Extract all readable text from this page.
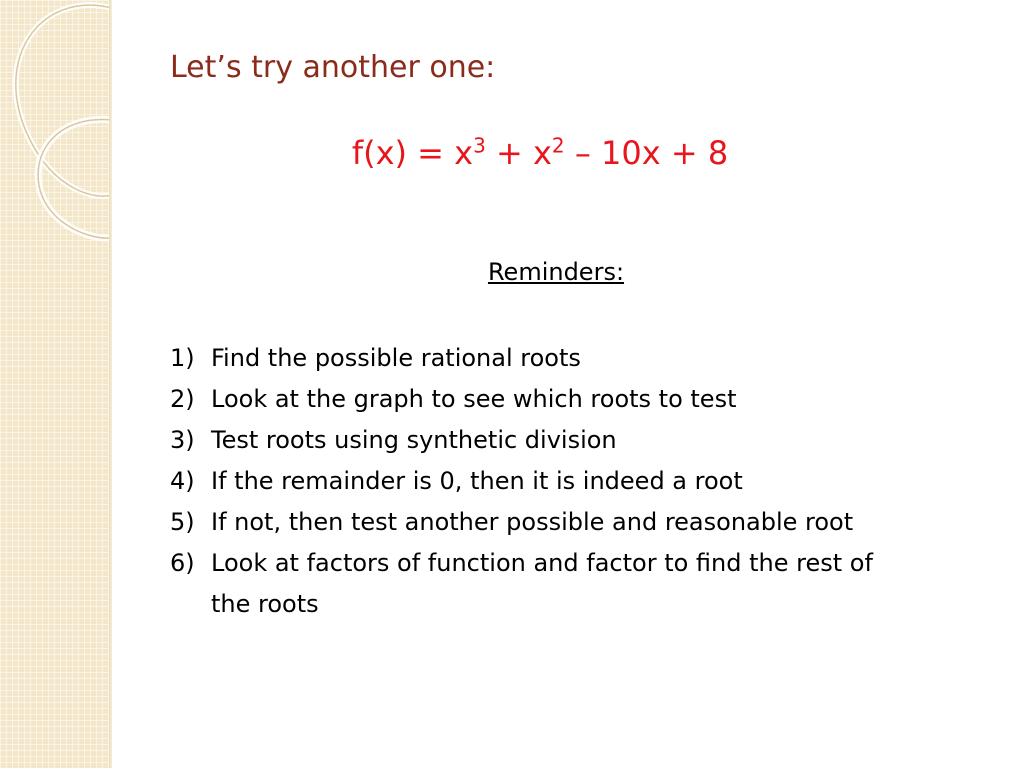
Let’s try another one:
$f(x) = x^3 + x^2 - 10x + 8$
Reminders:
1) Find the possible rational roots
2) Look at the graph to see which roots to test
3) Test roots using synthetic division
4) If the remainder is 0, then it is indeed a root
5) If not, then test another possible and reasonable root
6) Look at factors of function and factor to find the rest of the roots
